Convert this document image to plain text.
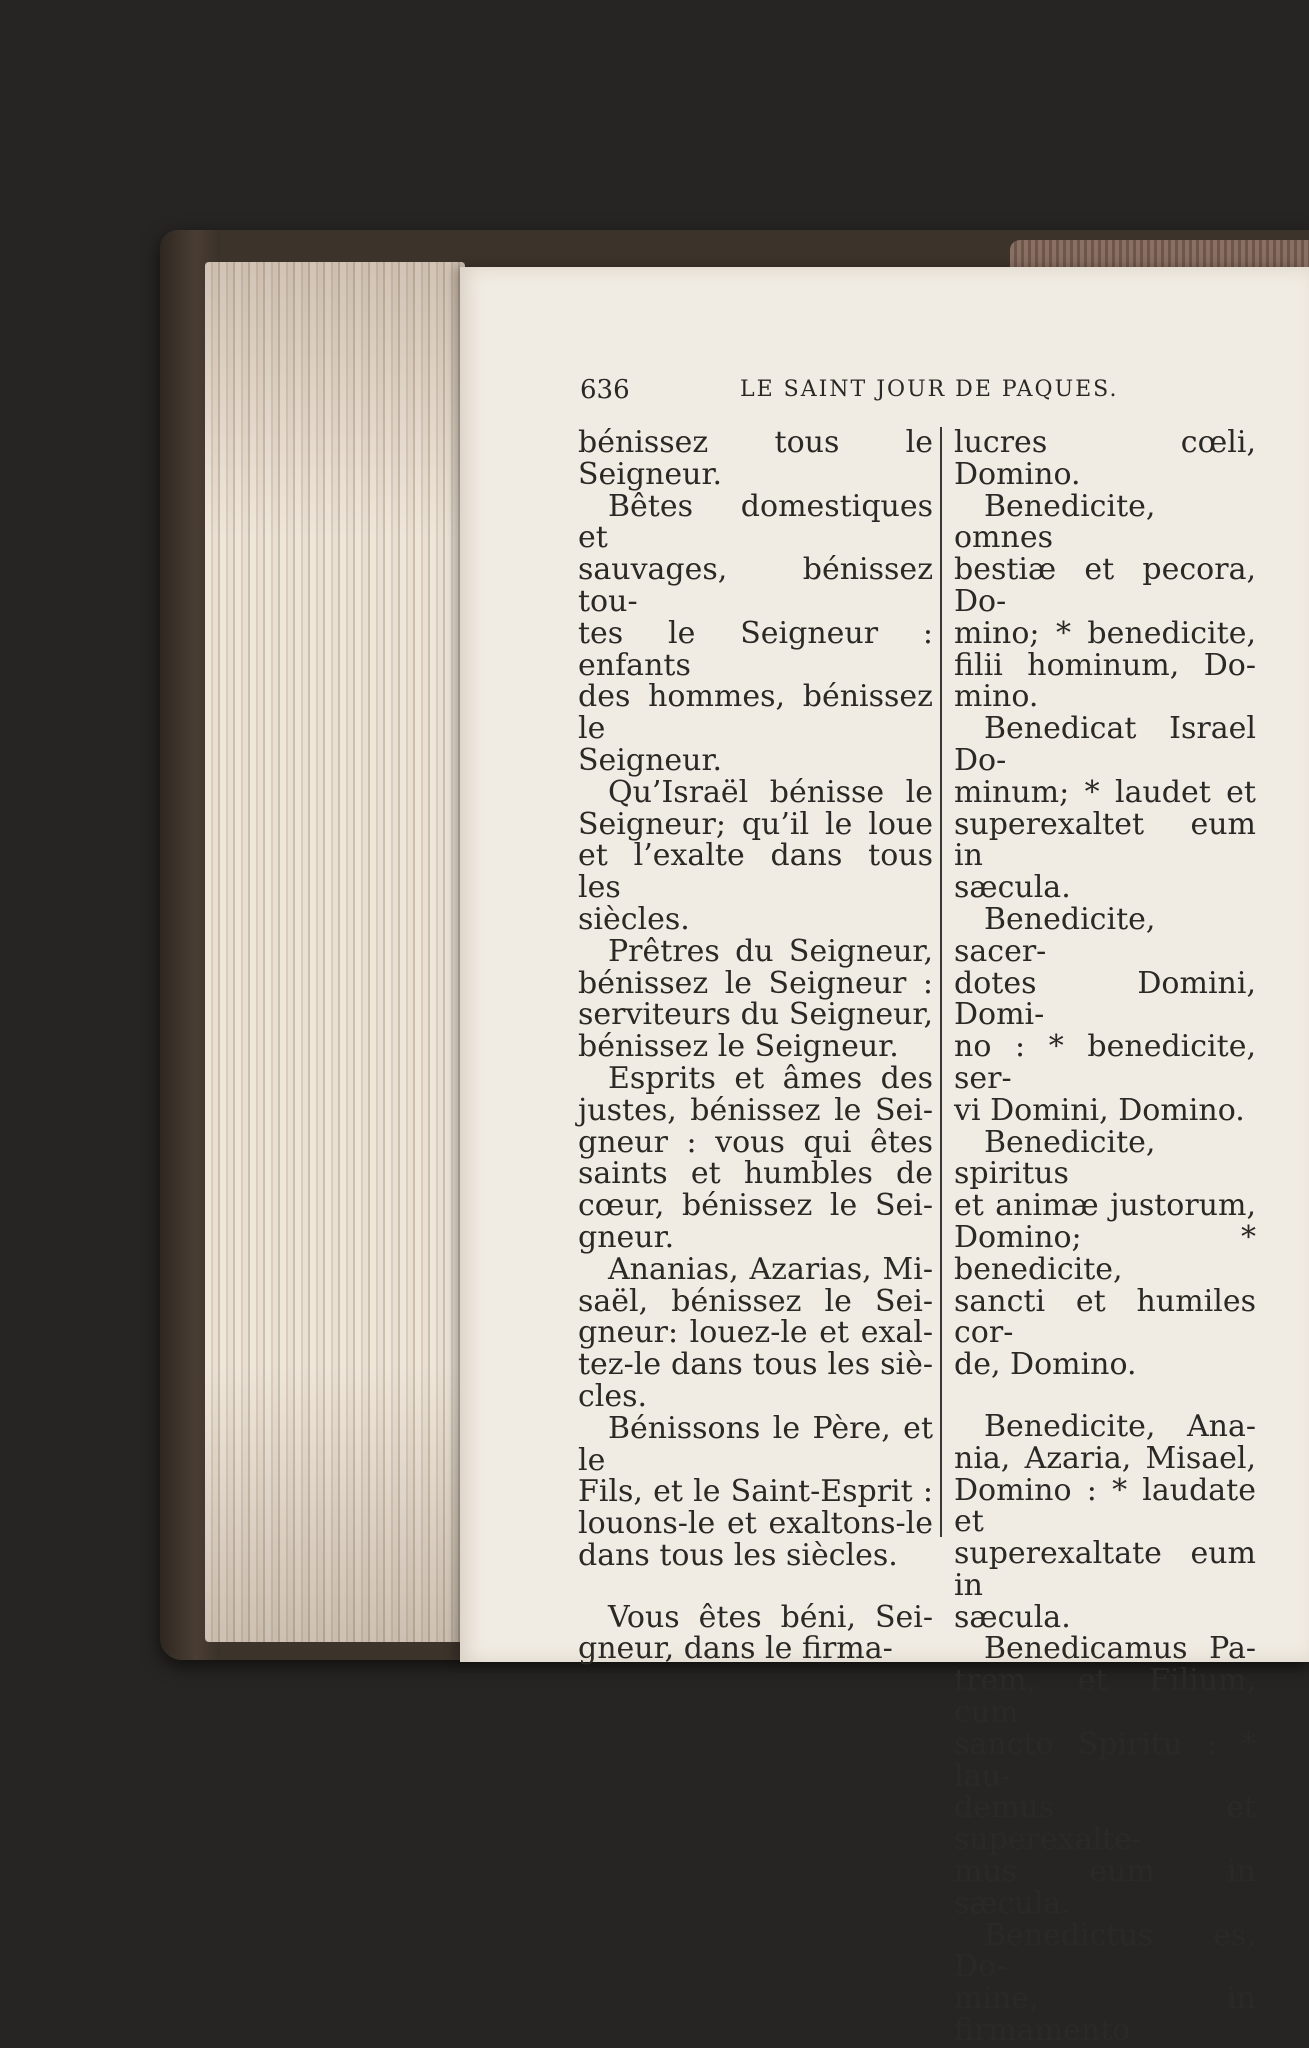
636	LE SAINT JOUR DE PAQUES.

bénissez tous le Seigneur.

Bêtes domestiques et

sauvages, bénissez tou-

tes le Seigneur : enfants

des hommes, bénissez le

Seigneur.

Qu’Israël bénisse le

Seigneur; qu’il le loue

et l’exalte dans tous les

siècles.

Prêtres du Seigneur,

bénissez le Seigneur :

serviteurs du Seigneur,

bénissez le Seigneur.

Esprits et âmes des

justes, bénissez le Sei-

gneur : vous qui êtes

saints et humbles de

cœur, bénissez le Sei-

gneur.

Ananias, Azarias, Mi-

saël, bénissez le Sei-

gneur: louez-le et exal-

tez-le dans tous les siè-

cles.

Bénissons le Père, et le

Fils, et le Saint-Esprit :

louons-le et exaltons-le

dans tous les siècles.

Vous êtes béni, Sei-

gneur, dans le firma-

lucres cœli, Domino.

Benedicite, omnes

bestiæ et pecora, Do-

mino; * benedicite,

filii hominum, Do-

mino.

Benedicat Israel Do-

minum; * laudet et

superexaltet eum in

sæcula.

Benedicite, sacer-

dotes Domini, Domi-

no : * benedicite, ser-

vi Domini, Domino.

Benedicite, spiritus

et animæ justorum,

Domino; * benedicite,

sancti et humiles cor-

de, Domino.

Benedicite, Ana-

nia, Azaria, Misael,

Domino : * laudate et

superexaltate eum in

sæcula.

Benedicamus Pa-

trem, et Filium, cum

sancto Spiritu : * lau-

demus et superexalte-

mus eum in sæcula.

Benedictus es, Do-

mine, in firmamento
